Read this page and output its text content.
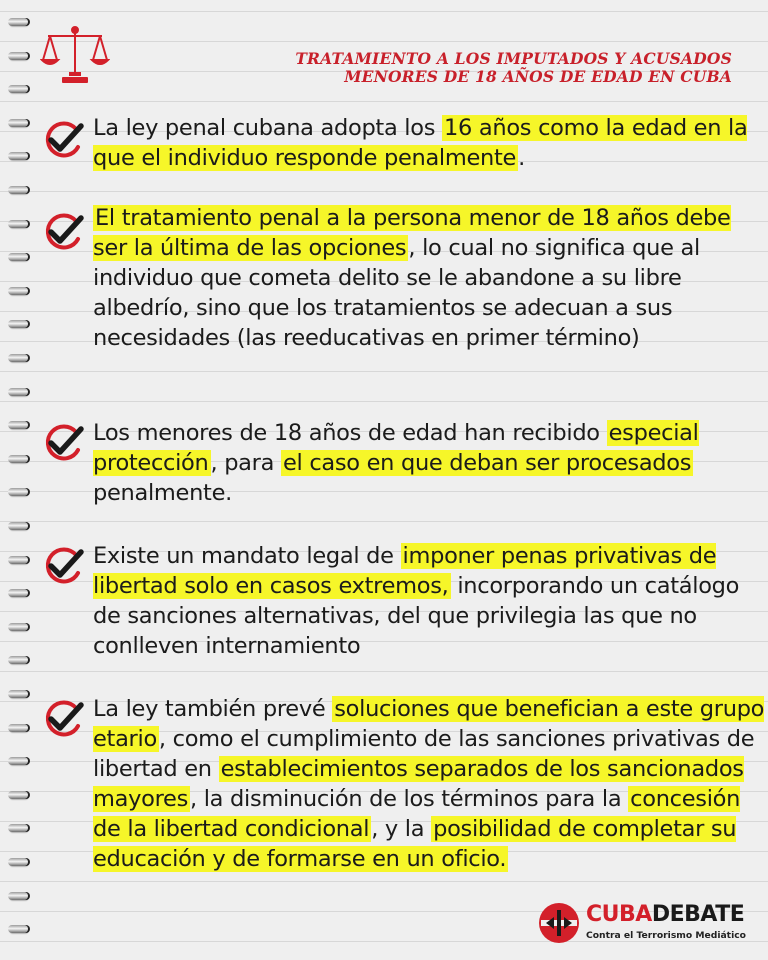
TRATAMIENTO A LOS IMPUTADOS Y ACUSADOS
MENORES DE 18 AÑOS DE EDAD EN CUBA
La ley penal cubana adopta los 16 años como la edad en la que el individuo responde penalmente.
El tratamiento penal a la persona menor de 18 años debe ser la última de las opciones, lo cual no significa que al individuo que cometa delito se le abandone a su libre albedrío, sino que los tratamientos se adecuan a sus necesidades (las reeducativas en primer término)
Los menores de 18 años de edad han recibido especial protección, para el caso en que deban ser procesados penalmente.
Existe un mandato legal de imponer penas privativas de libertad solo en casos extremos, incorporando un catálogo de sanciones alternativas, del que privilegia las que no conlleven internamiento
La ley también prevé soluciones que benefician a este grupo etario, como el cumplimiento de las sanciones privativas de libertad en establecimientos separados de los sancionados mayores, la disminución de los términos para la concesión de la libertad condicional, y la posibilidad de completar su educación y de formarse en un oficio.
CUBADEBATE
Contra el Terrorismo Mediático
